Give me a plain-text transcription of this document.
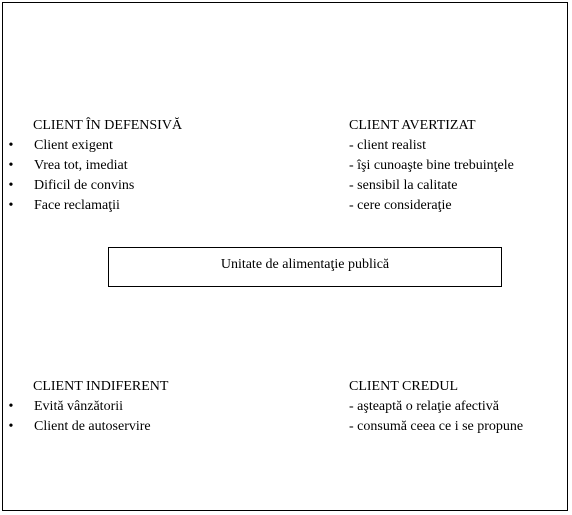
CLIENT ÎN DEFENSIVĂ
• Client exigent
• Vrea tot, imediat
• Dificil de convins
• Face reclamaţii
CLIENT AVERTIZAT
- client realist
- îşi cunoaşte bine trebuinţele
- sensibil la calitate
- cere consideraţie
Unitate de alimentaţie publică
CLIENT INDIFERENT
• Evită vânzătorii
• Client de autoservire
CLIENT CREDUL
- aşteaptă o relaţie afectivă
- consumă ceea ce i se propune
